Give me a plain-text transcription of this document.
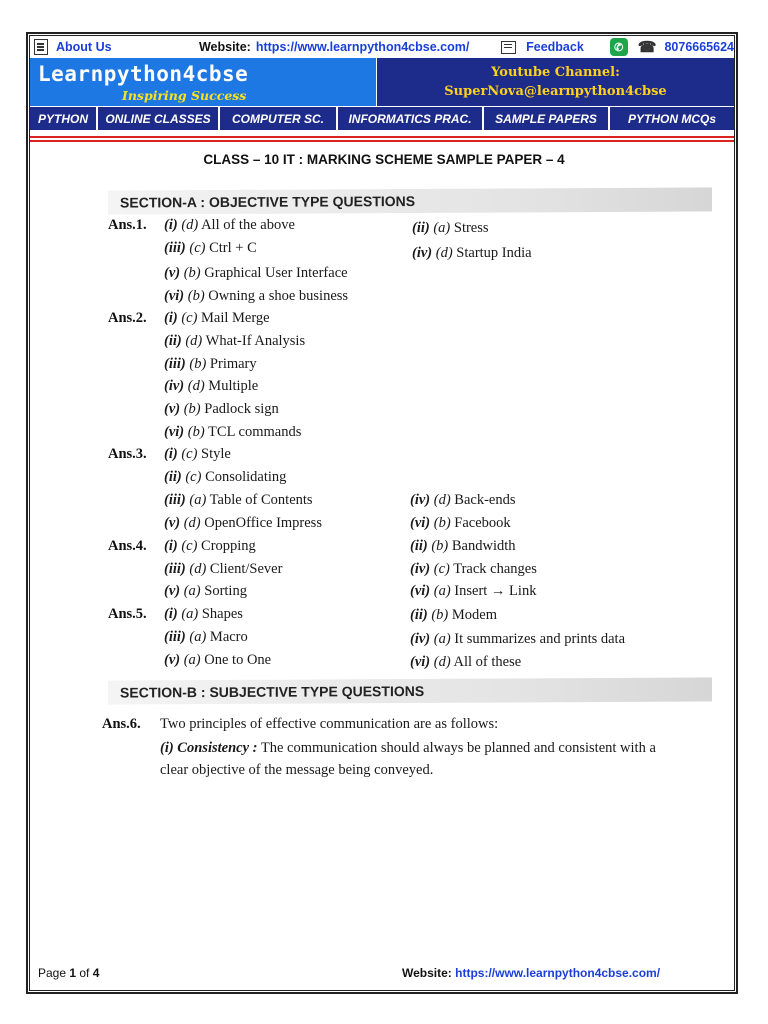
About Us	Website: https://www.learnpython4cbse.com/	Feedback	✆ ☎ 8076665624
Learnpython4cbse
Inspiring Success
Youtube Channel:
SuperNova@learnpython4cbse
PYTHON	ONLINE CLASSES	COMPUTER SC.	INFORMATICS PRAC.	SAMPLE PAPERS	PYTHON MCQs
CLASS – 10 IT : MARKING SCHEME SAMPLE PAPER – 4
SECTION-A : OBJECTIVE TYPE QUESTIONS
Ans.1. (i) (d) All of the above	(ii) (a) Stress
(iii) (c) Ctrl + C	(iv) (d) Startup India
(v) (b) Graphical User Interface
(vi) (b) Owning a shoe business
Ans.2. (i) (c) Mail Merge
(ii) (d) What-If Analysis
(iii) (b) Primary
(iv) (d) Multiple
(v) (b) Padlock sign
(vi) (b) TCL commands
Ans.3. (i) (c) Style
(ii) (c) Consolidating
(iii) (a) Table of Contents	(iv) (d) Back-ends
(v) (d) OpenOffice Impress	(vi) (b) Facebook
Ans.4. (i) (c) Cropping	(ii) (b) Bandwidth
(iii) (d) Client/Sever	(iv) (c) Track changes
(v) (a) Sorting	(vi) (a) Insert → Link
Ans.5. (i) (a) Shapes	(ii) (b) Modem
(iii) (a) Macro	(iv) (a) It summarizes and prints data
(v) (a) One to One	(vi) (d) All of these
SECTION-B : SUBJECTIVE TYPE QUESTIONS
Ans.6. Two principles of effective communication are as follows:
(i) Consistency : The communication should always be planned and consistent with a
clear objective of the message being conveyed.
Page 1 of 4	Website: https://www.learnpython4cbse.com/
